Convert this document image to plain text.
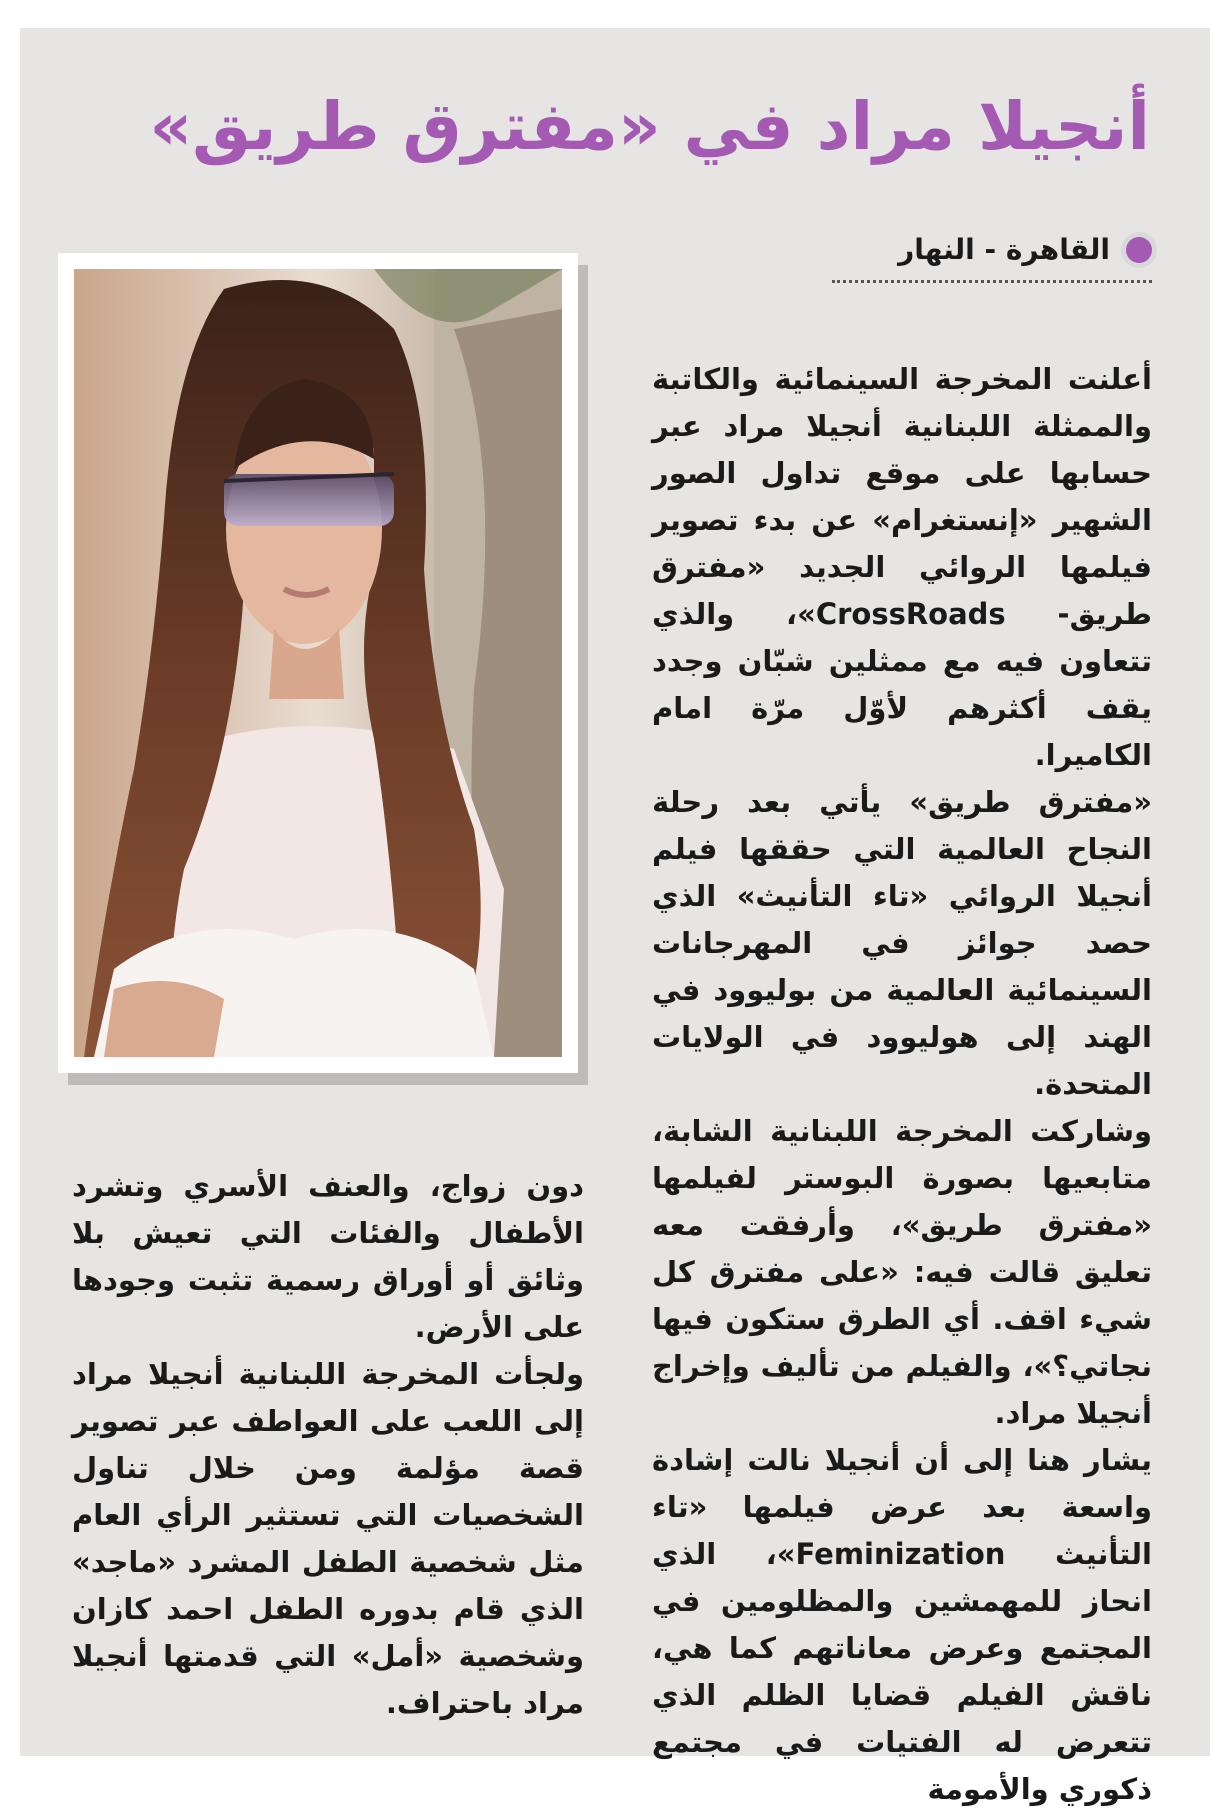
أنجيلا مراد في «مفترق طريق»
القاهرة - النهار

أعلنت المخرجة السينمائية والكاتبة والممثلة اللبنانية أنجيلا مراد عبر حسابها على موقع تداول الصور الشهير «إنستغرام» عن بدء تصوير فيلمها الروائي الجديد «مفترق طريق- CrossRoads»، والذي تتعاون فيه مع ممثلين شبّان وجدد يقف أكثرهم لأوّل مرّة امام الكاميرا.

«مفترق طريق» يأتي بعد رحلة النجاح العالمية التي حققها فيلم أنجيلا الروائي «تاء التأنيث» الذي حصد جوائز في المهرجانات السينمائية العالمية من بوليوود في الهند إلى هوليوود في الولايات المتحدة.

وشاركت المخرجة اللبنانية الشابة، متابعيها بصورة البوستر لفيلمها «مفترق طريق»، وأرفقت معه تعليق قالت فيه: «على مفترق كل شيء اقف. أي الطرق ستكون فيها نجاتي؟»، والفيلم من تأليف وإخراج أنجيلا مراد.

يشار هنا إلى أن أنجيلا نالت إشادة واسعة بعد عرض فيلمها «تاء التأنيث Feminization»، الذي انحاز للمهمشين والمظلومين في المجتمع وعرض معاناتهم كما هي، ناقش الفيلم قضايا الظلم الذي تتعرض له الفتيات في مجتمع ذكوري والأمومة

دون زواج، والعنف الأسري وتشرد الأطفال والفئات التي تعيش بلا وثائق أو أوراق رسمية تثبت وجودها على الأرض.

ولجأت المخرجة اللبنانية أنجيلا مراد إلى اللعب على العواطف عبر تصوير قصة مؤلمة ومن خلال تناول الشخصيات التي تستثير الرأي العام مثل شخصية الطفل المشرد «ماجد» الذي قام بدوره الطفل احمد كازان وشخصية «أمل» التي قدمتها أنجيلا مراد باحتراف.
